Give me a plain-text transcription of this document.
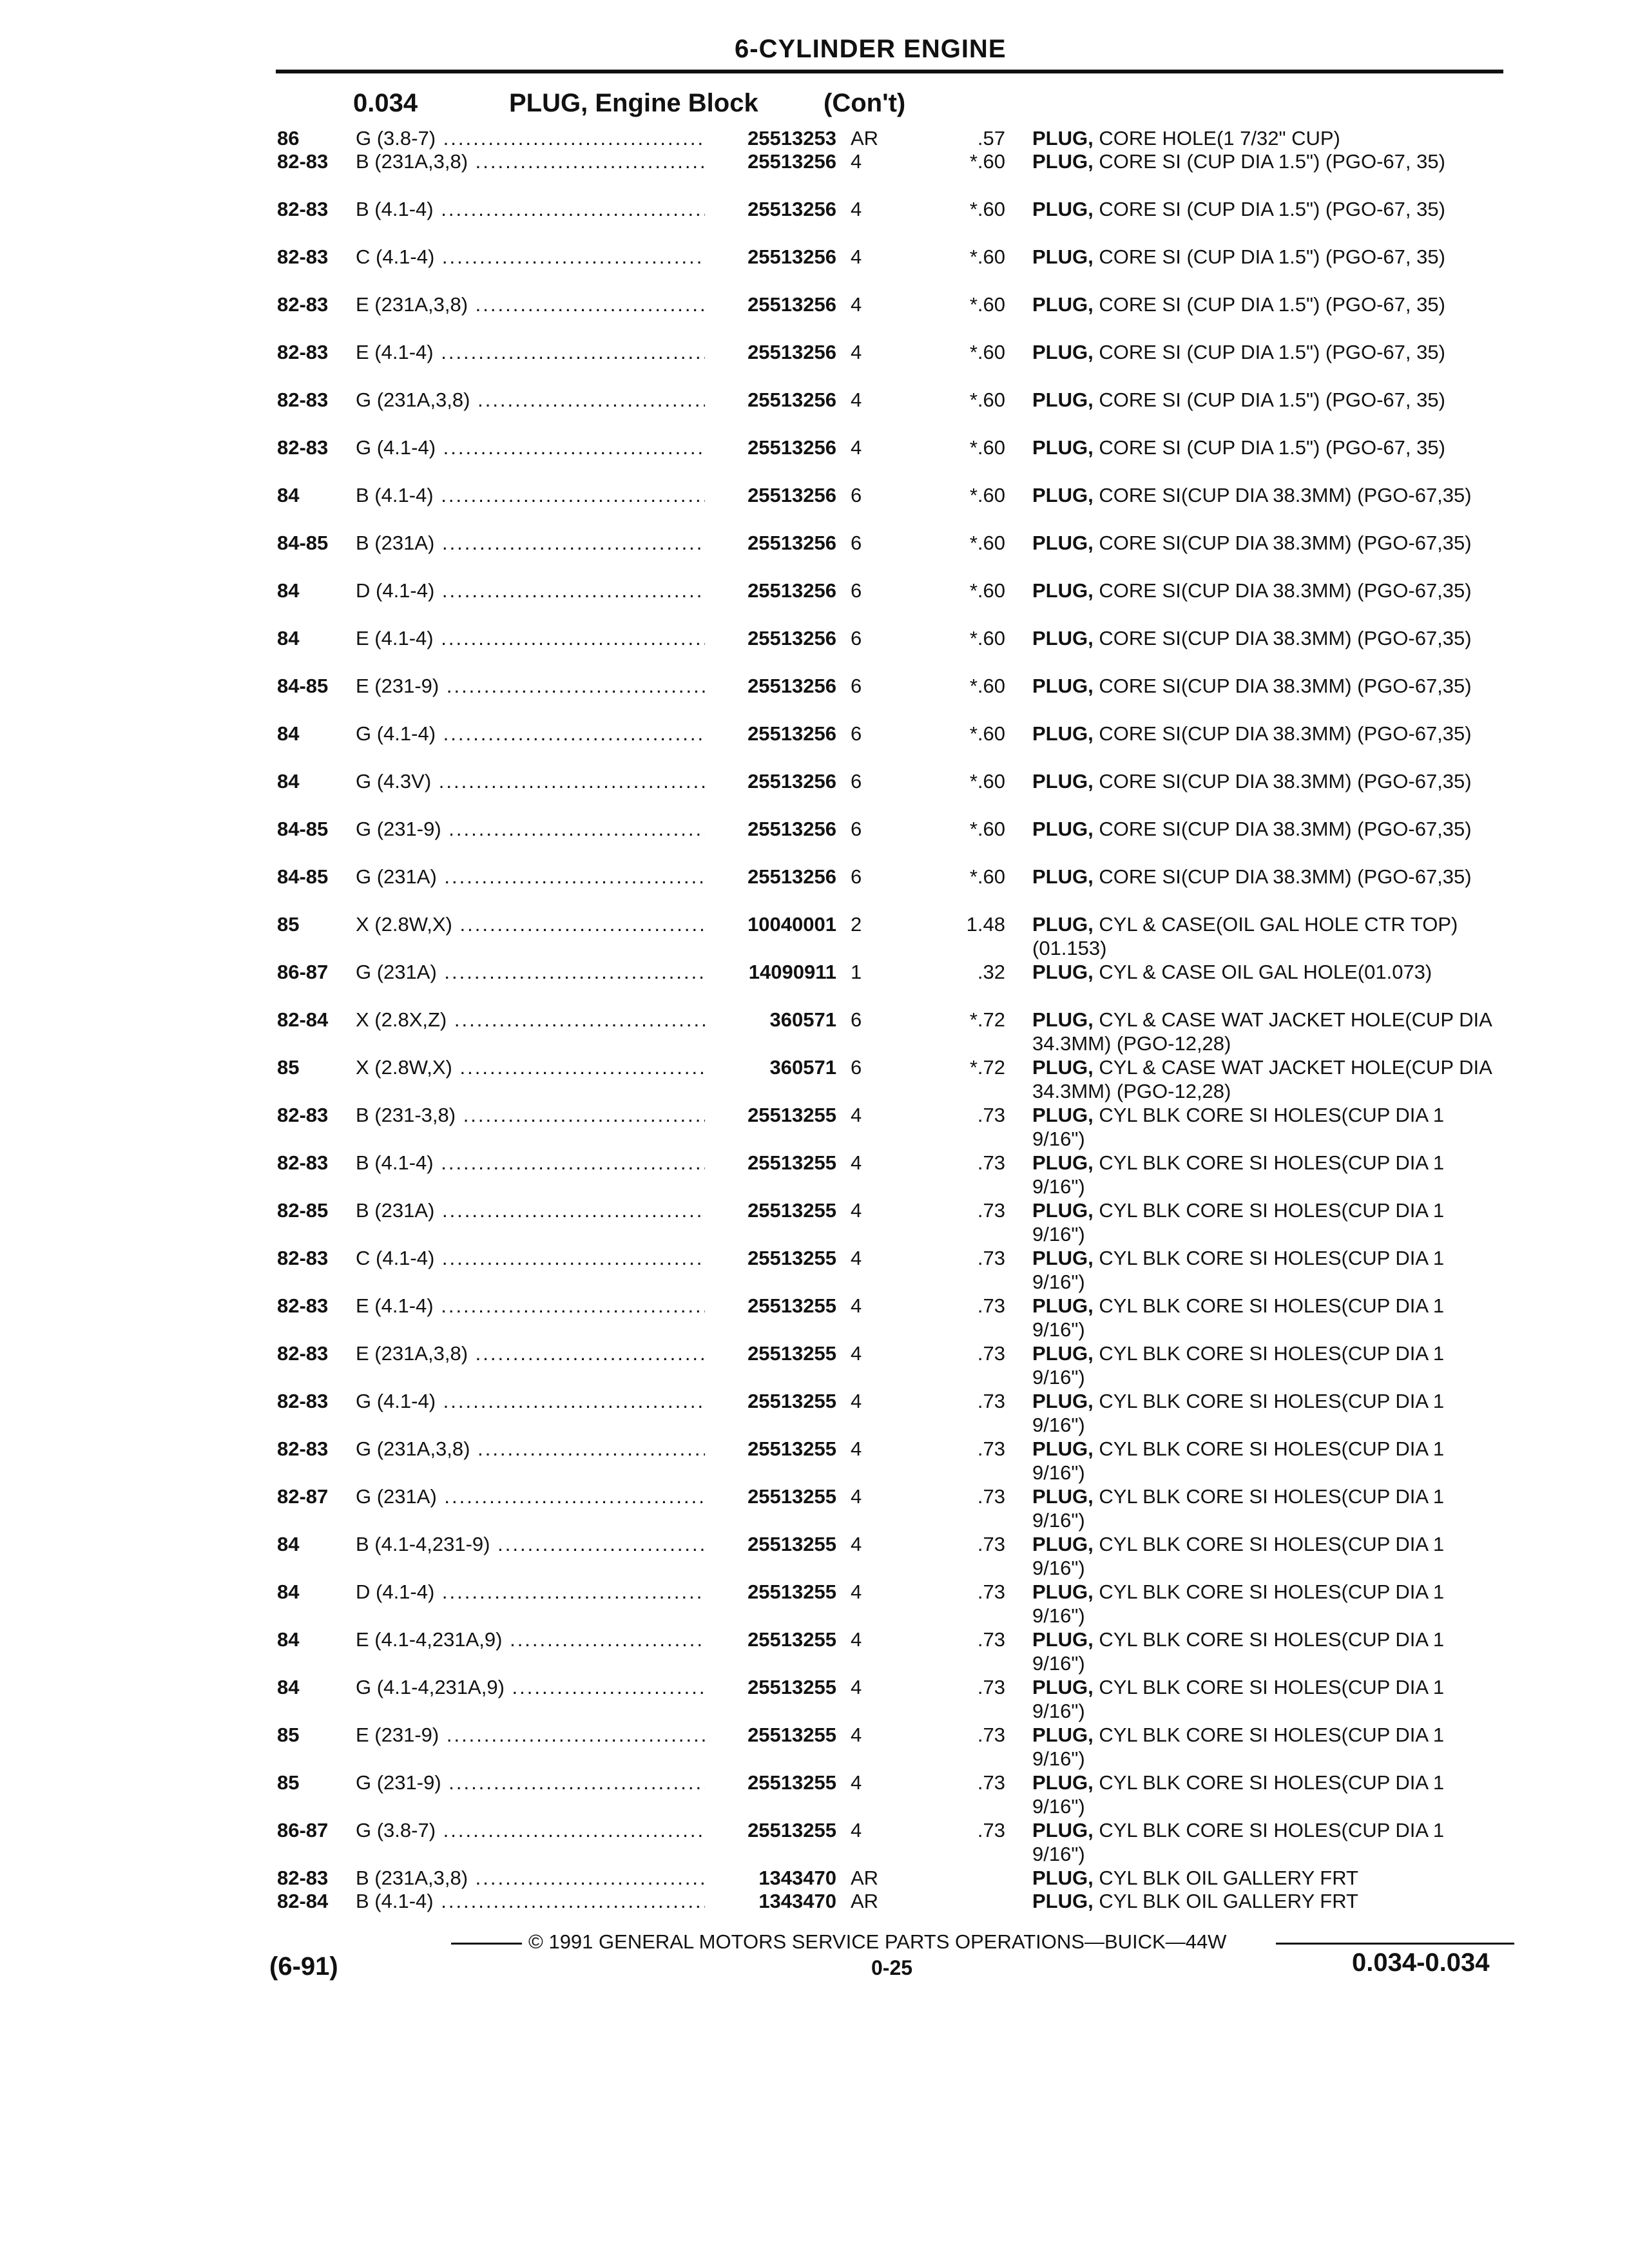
6-CYLINDER ENGINE
0.034	PLUG, Engine Block	(Con't)
86	G (3.8-7) .....	25513253 AR	.57 PLUG, CORE HOLE(1 7/32" CUP)
82-83	B (231A,3,8) .....	25513256 4	*.60 PLUG, CORE SI (CUP DIA 1.5") (PGO-67, 35)
82-83	B (4.1-4) .....	25513256 4	*.60 PLUG, CORE SI (CUP DIA 1.5") (PGO-67, 35)
82-83	C (4.1-4) .....	25513256 4	*.60 PLUG, CORE SI (CUP DIA 1.5") (PGO-67, 35)
82-83	E (231A,3,8) .....	25513256 4	*.60 PLUG, CORE SI (CUP DIA 1.5") (PGO-67, 35)
82-83	E (4.1-4) .....	25513256 4	*.60 PLUG, CORE SI (CUP DIA 1.5") (PGO-67, 35)
82-83	G (231A,3,8) .....	25513256 4	*.60 PLUG, CORE SI (CUP DIA 1.5") (PGO-67, 35)
82-83	G (4.1-4) .....	25513256 4	*.60 PLUG, CORE SI (CUP DIA 1.5") (PGO-67, 35)
84	B (4.1-4) .....	25513256 6	*.60 PLUG, CORE SI(CUP DIA 38.3MM) (PGO-67,35)
84-85	B (231A) .....	25513256 6	*.60 PLUG, CORE SI(CUP DIA 38.3MM) (PGO-67,35)
84	D (4.1-4) .....	25513256 6	*.60 PLUG, CORE SI(CUP DIA 38.3MM) (PGO-67,35)
84	E (4.1-4) .....	25513256 6	*.60 PLUG, CORE SI(CUP DIA 38.3MM) (PGO-67,35)
84-85	E (231-9) .....	25513256 6	*.60 PLUG, CORE SI(CUP DIA 38.3MM) (PGO-67,35)
84	G (4.1-4) .....	25513256 6	*.60 PLUG, CORE SI(CUP DIA 38.3MM) (PGO-67,35)
84	G (4.3V) .....	25513256 6	*.60 PLUG, CORE SI(CUP DIA 38.3MM) (PGO-67,35)
84-85	G (231-9) .....	25513256 6	*.60 PLUG, CORE SI(CUP DIA 38.3MM) (PGO-67,35)
84-85	G (231A) .....	25513256 6	*.60 PLUG, CORE SI(CUP DIA 38.3MM) (PGO-67,35)
85	X (2.8W,X) .....	10040001 2	1.48 PLUG, CYL & CASE(OIL GAL HOLE CTR TOP)(01.153)
86-87	G (231A) .....	14090911 1	.32 PLUG, CYL & CASE OIL GAL HOLE(01.073)
82-84	X (2.8X,Z) .....	360571 6	*.72 PLUG, CYL & CASE WAT JACKET HOLE(CUP DIA 34.3MM) (PGO-12,28)
85	X (2.8W,X) .....	360571 6	*.72 PLUG, CYL & CASE WAT JACKET HOLE(CUP DIA 34.3MM) (PGO-12,28)
82-83	B (231-3,8) .....	25513255 4	.73 PLUG, CYL BLK CORE SI HOLES(CUP DIA 1 9/16")
82-83	B (4.1-4) .....	25513255 4	.73 PLUG, CYL BLK CORE SI HOLES(CUP DIA 1 9/16")
82-85	B (231A) .....	25513255 4	.73 PLUG, CYL BLK CORE SI HOLES(CUP DIA 1 9/16")
82-83	C (4.1-4) .....	25513255 4	.73 PLUG, CYL BLK CORE SI HOLES(CUP DIA 1 9/16")
82-83	E (4.1-4) .....	25513255 4	.73 PLUG, CYL BLK CORE SI HOLES(CUP DIA 1 9/16")
82-83	E (231A,3,8) .....	25513255 4	.73 PLUG, CYL BLK CORE SI HOLES(CUP DIA 1 9/16")
82-83	G (4.1-4) .....	25513255 4	.73 PLUG, CYL BLK CORE SI HOLES(CUP DIA 1 9/16")
82-83	G (231A,3,8) .....	25513255 4	.73 PLUG, CYL BLK CORE SI HOLES(CUP DIA 1 9/16")
82-87	G (231A) .....	25513255 4	.73 PLUG, CYL BLK CORE SI HOLES(CUP DIA 1 9/16")
84	B (4.1-4,231-9) .....	25513255 4	.73 PLUG, CYL BLK CORE SI HOLES(CUP DIA 1 9/16")
84	D (4.1-4) .....	25513255 4	.73 PLUG, CYL BLK CORE SI HOLES(CUP DIA 1 9/16")
84	E (4.1-4,231A,9) .....	25513255 4	.73 PLUG, CYL BLK CORE SI HOLES(CUP DIA 1 9/16")
84	G (4.1-4,231A,9) .....	25513255 4	.73 PLUG, CYL BLK CORE SI HOLES(CUP DIA 1 9/16")
85	E (231-9) .....	25513255 4	.73 PLUG, CYL BLK CORE SI HOLES(CUP DIA 1 9/16")
85	G (231-9) .....	25513255 4	.73 PLUG, CYL BLK CORE SI HOLES(CUP DIA 1 9/16")
86-87	G (3.8-7) .....	25513255 4	.73 PLUG, CYL BLK CORE SI HOLES(CUP DIA 1 9/16")
82-83	B (231A,3,8) .....	1343470 AR	PLUG, CYL BLK OIL GALLERY FRT
82-84	B (4.1-4) .....	1343470 AR	PLUG, CYL BLK OIL GALLERY FRT
© 1991 GENERAL MOTORS SERVICE PARTS OPERATIONS—BUICK—44W
(6-91)	0-25	0.034-0.034
